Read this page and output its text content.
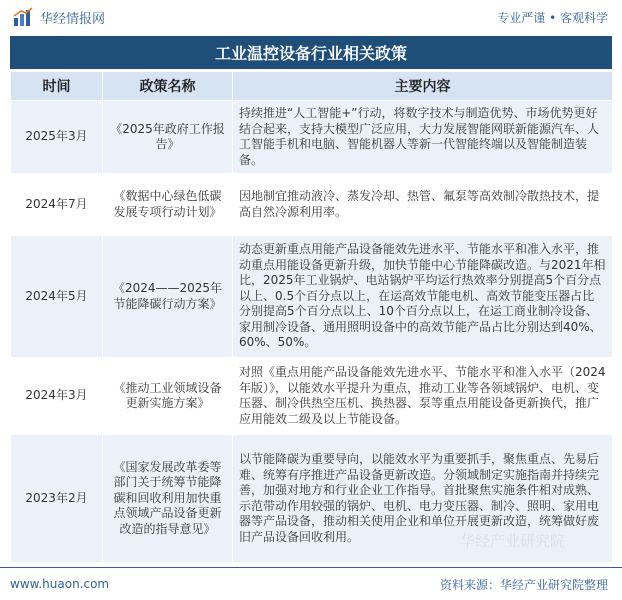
华经情报网	专业严谨 • 客观科学
工业温控设备行业相关政策
时间	政策名称	主要内容
2025年3月	《2025年政府工作报告》	持续推进“人工智能+”行动，将数字技术与制造优势、市场优势更好结合起来，支持大模型广泛应用，大力发展智能网联新能源汽车、人工智能手机和电脑、智能机器人等新一代智能终端以及智能制造装备。
2024年7月	《数据中心绿色低碳发展专项行动计划》	因地制宜推动液冷、蒸发冷却、热管、氟泵等高效制冷散热技术，提高自然冷源利用率。
2024年5月	《2024——2025年节能降碳行动方案》	动态更新重点用能产品设备能效先进水平、节能水平和准入水平，推动重点用能设备更新升级，加快节能中心节能降碳改造。与2021年相比，2025年工业锅炉、电站锅炉平均运行热效率分别提高5个百分点以上、0.5个百分点以上，在运高效节能电机、高效节能变压器占比分别提高5个百分点以上、10个百分点以上，在运工商业制冷设备、家用制冷设备、通用照明设备中的高效节能产品占比分别达到40%、60%、50%。
2024年3月	《推动工业领域设备更新实施方案》	对照《重点用能产品设备能效先进水平、节能水平和准入水平（2024年版）》，以能效水平提升为重点，推动工业等各领域锅炉、电机、变压器、制冷供热空压机、换热器、泵等重点用能设备更新换代，推广应用能效二级及以上节能设备。
2023年2月	《国家发展改革委等部门关于统筹节能降碳和回收利用加快重点领域产品设备更新改造的指导意见》	以节能降碳为重要导向，以能效水平为重要抓手，聚焦重点、先易后难、统筹有序推进产品设备更新改造。分领域制定实施指南并持续完善，加强对地方和行业企业工作指导。首批聚焦实施条件相对成熟、示范带动作用较强的锅炉、电机、电力变压器、制冷、照明、家用电器等产品设备，推动相关使用企业和单位开展更新改造，统筹做好废旧产品设备回收利用。
www.huaon.com	资料来源：华经产业研究院整理
